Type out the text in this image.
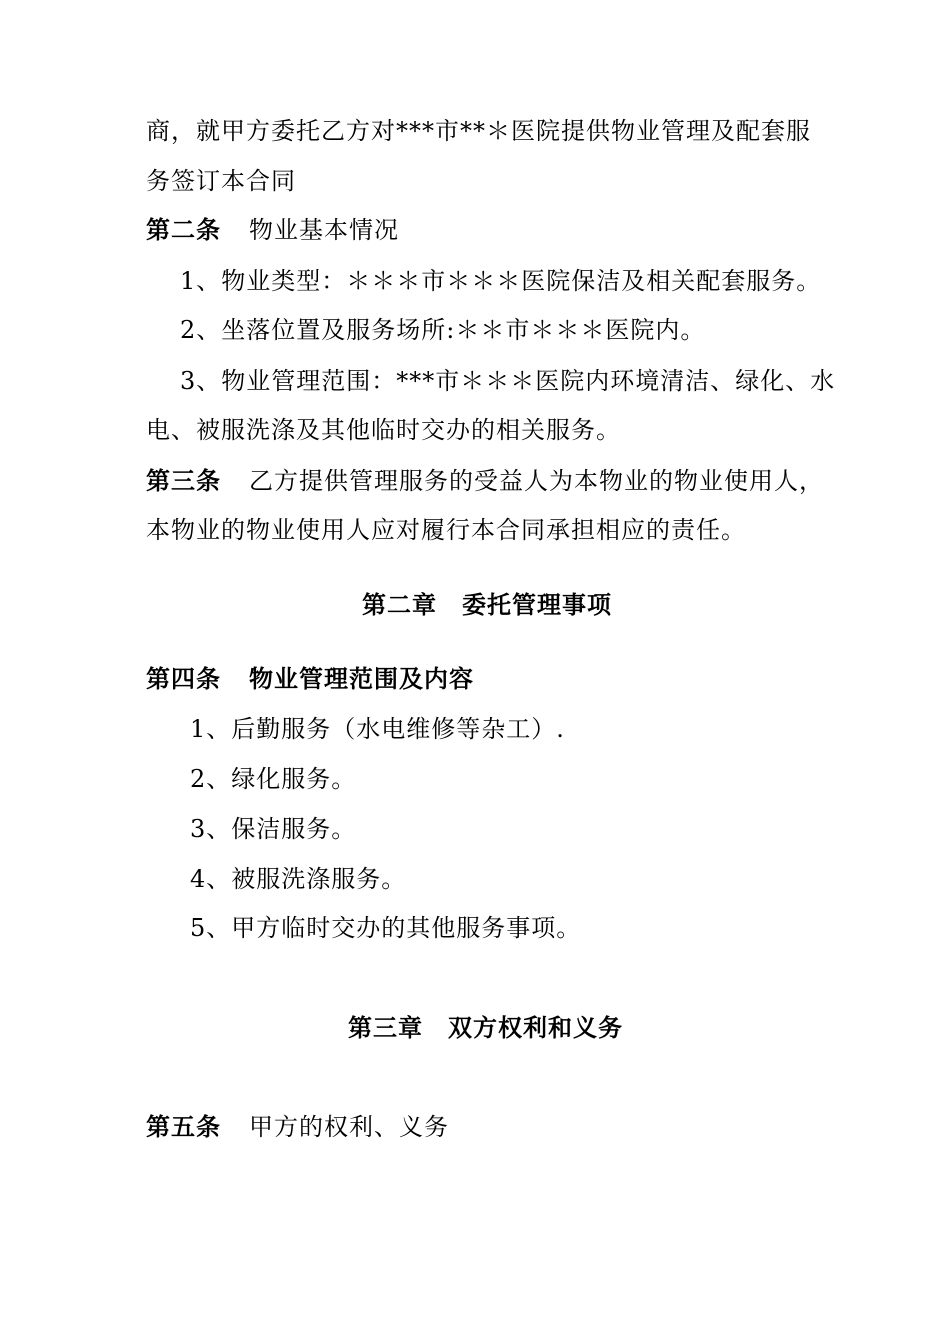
商，就甲方委托乙方对***市**＊医院提供物业管理及配套服
务签订本合同
第二条 物业基本情况
1、物业类型：＊＊＊市＊＊＊医院保洁及相关配套服务。
2、坐落位置及服务场所:＊＊市＊＊＊医院内。
3、物业管理范围：***市＊＊＊医院内环境清洁、绿化、水
电、被服洗涤及其他临时交办的相关服务。
第三条 乙方提供管理服务的受益人为本物业的物业使用人，
本物业的物业使用人应对履行本合同承担相应的责任。
第二章　委托管理事项
第四条 物业管理范围及内容
1、后勤服务（水电维修等杂工）.
2、绿化服务。
3、保洁服务。
4、被服洗涤服务。
5、甲方临时交办的其他服务事项。
第三章　双方权利和义务
第五条 甲方的权利、义务
